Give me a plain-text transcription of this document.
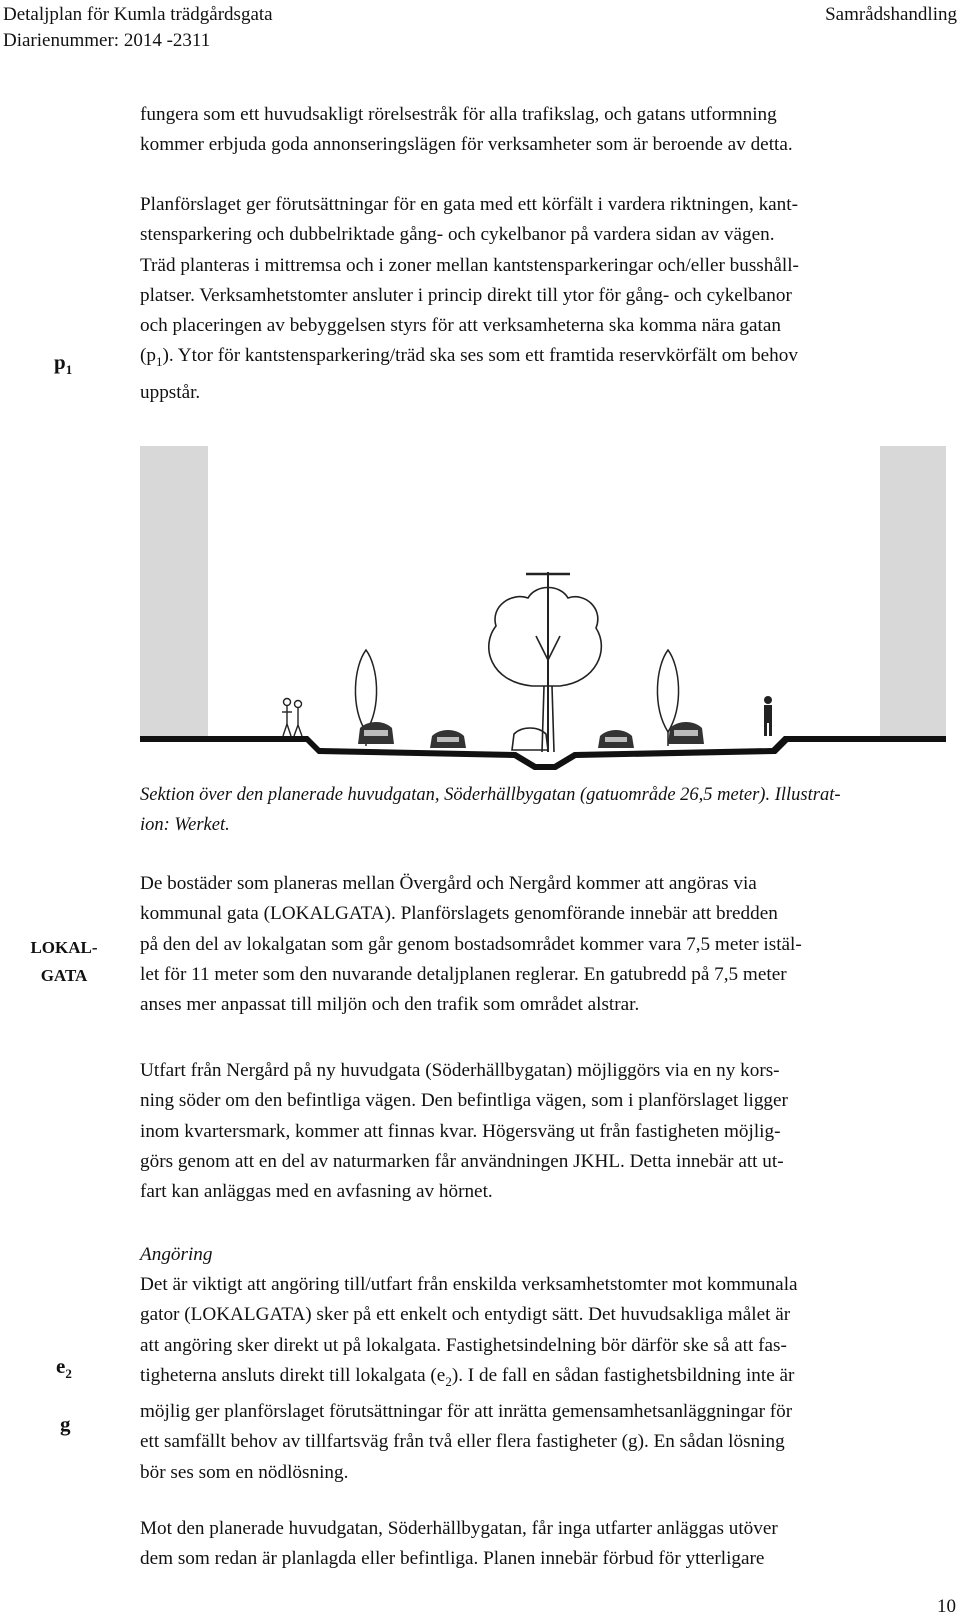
Detaljplan för Kumla trädgårdsgata
Diarienummer: 2014 -2311
Samrådshandling

fungera som ett huvudsakligt rörelsestråk för alla trafikslag, och gatans utformning
kommer erbjuda goda annonseringslägen för verksamheter som är beroende av detta.

Planförslaget ger förutsättningar för en gata med ett körfält i vardera riktningen, kant-
stensparkering och dubbelriktade gång- och cykelbanor på vardera sidan av vägen.
Träd planteras i mittremsa och i zoner mellan kantstensparkeringar och/eller busshåll-
platser. Verksamhetstomter ansluter i princip direkt till ytor för gång- och cykelbanor
och placeringen av bebyggelsen styrs för att verksamheterna ska komma nära gatan
$(p_1)$. Ytor för kantstensparkering/träd ska ses som ett framtida reservkörfält om behov
uppstår.

$p_1$

Sektion över den planerade huvudgatan, Söderhällbygatan (gatuområde 26,5 meter). Illustrat-
ion: Werket.

LOKAL-
GATA

De bostäder som planeras mellan Övergård och Nergård kommer att angöras via
kommunal gata (LOKALGATA). Planförslagets genomförande innebär att bredden
på den del av lokalgatan som går genom bostadsområdet kommer vara 7,5 meter istäl-
let för 11 meter som den nuvarande detaljplanen reglerar. En gatubredd på 7,5 meter
anses mer anpassat till miljön och den trafik som området alstrar.

Utfart från Nergård på ny huvudgata (Söderhällbygatan) möjliggörs via en ny kors-
ning söder om den befintliga vägen. Den befintliga vägen, som i planförslaget ligger
inom kvartersmark, kommer att finnas kvar. Högersväng ut från fastigheten möjlig-
görs genom att en del av naturmarken får användningen JKHL. Detta innebär att ut-
fart kan anläggas med en avfasning av hörnet.

Angöring

Det är viktigt att angöring till/utfart från enskilda verksamhetstomter mot kommunala
gator (LOKALGATA) sker på ett enkelt och entydigt sätt. Det huvudsakliga målet är
att angöring sker direkt ut på lokalgata. Fastighetsindelning bör därför ske så att fas-
tigheterna ansluts direkt till lokalgata $(e_2)$. I de fall en sådan fastighetsbildning inte är
möjlig ger planförslaget förutsättningar för att inrätta gemensamhetsanläggningar för
ett samfällt behov av tillfartsväg från två eller flera fastigheter (g). En sådan lösning
bör ses som en nödlösning.

$e_2$
g

Mot den planerade huvudgatan, Söderhällbygatan, får inga utfarter anläggas utöver
dem som redan är planlagda eller befintliga. Planen innebär förbud för ytterligare

10
